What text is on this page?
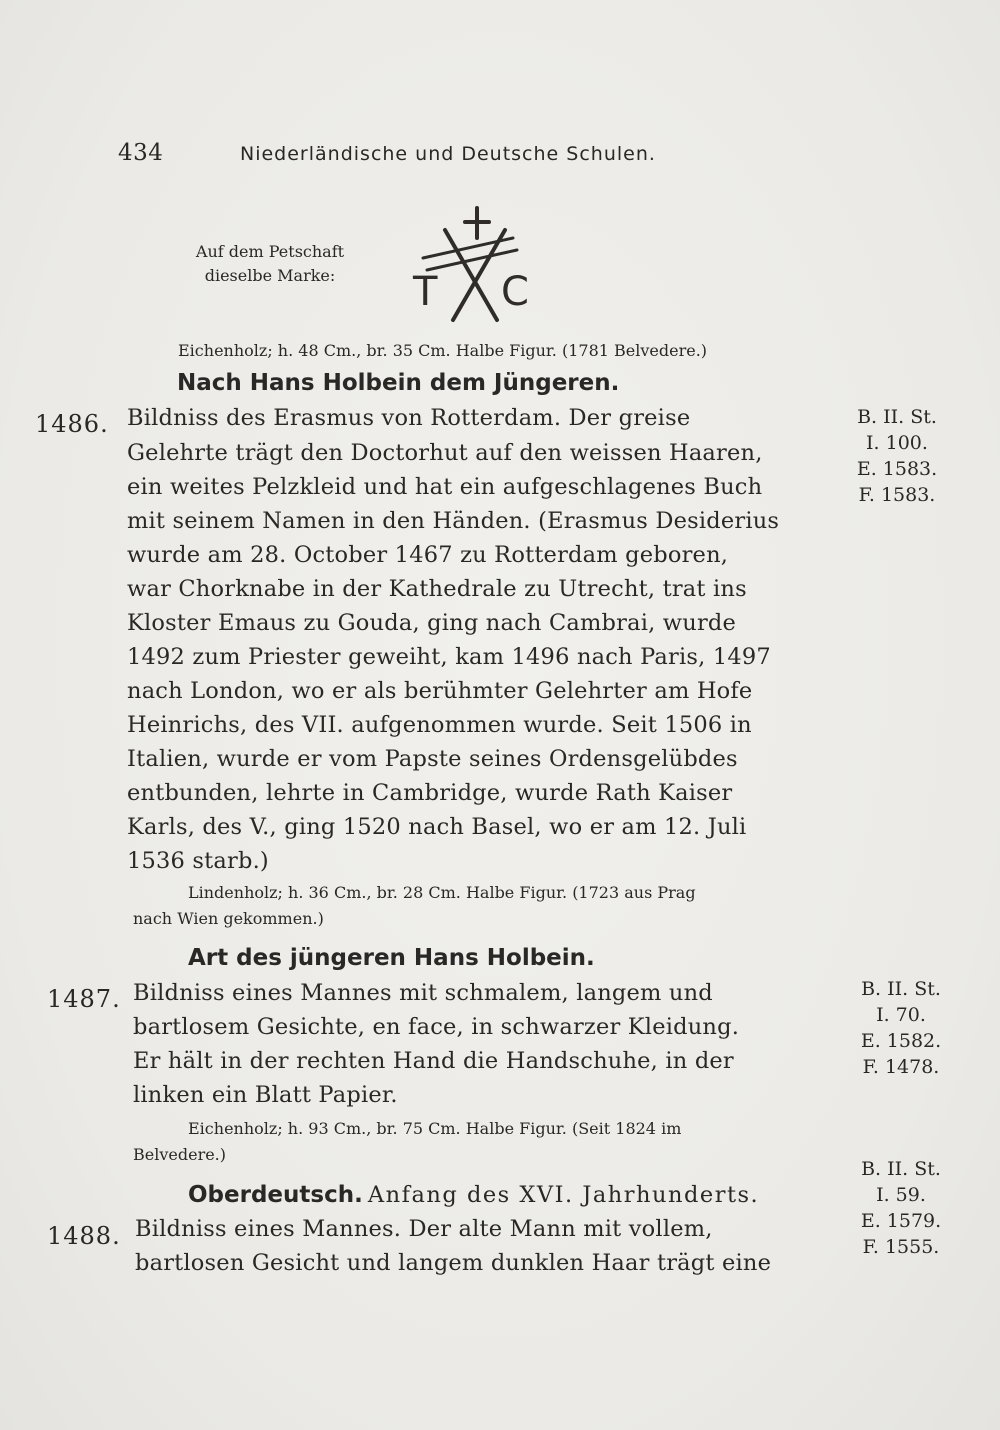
434	Niederländische und Deutsche Schulen.
Auf dem Petschaft
dieselbe Marke:	T C
Eichenholz; h. 48 Cm., br. 35 Cm. Halbe Figur. (1781 Belvedere.)
Nach Hans Holbein dem Jüngeren.
1486. Bildniss des Erasmus von Rotterdam. Der greise
Gelehrte trägt den Doctorhut auf den weissen Haaren,
ein weites Pelzkleid und hat ein aufgeschlagenes Buch
mit seinem Namen in den Händen. (Erasmus Desiderius
wurde am 28. October 1467 zu Rotterdam geboren,
war Chorknabe in der Kathedrale zu Utrecht, trat ins
Kloster Emaus zu Gouda, ging nach Cambrai, wurde
1492 zum Priester geweiht, kam 1496 nach Paris, 1497
nach London, wo er als berühmter Gelehrter am Hofe
Heinrichs, des VII. aufgenommen wurde. Seit 1506 in
Italien, wurde er vom Papste seines Ordensgelübdes
entbunden, lehrte in Cambridge, wurde Rath Kaiser
Karls, des V., ging 1520 nach Basel, wo er am 12. Juli
1536 starb.)
Lindenholz; h. 36 Cm., br. 28 Cm. Halbe Figur. (1723 aus Prag
nach Wien gekommen.)
B. II. St.
I. 100.
E. 1583.
F. 1583.
Art des jüngeren Hans Holbein.
1487. Bildniss eines Mannes mit schmalem, langem und
bartlosem Gesichte, en face, in schwarzer Kleidung.
Er hält in der rechten Hand die Handschuhe, in der
linken ein Blatt Papier.
Eichenholz; h. 93 Cm., br. 75 Cm. Halbe Figur. (Seit 1824 im
Belvedere.)
B. II. St.
I. 70.
E. 1582.
F. 1478.
Oberdeutsch. Anfang des XVI. Jahrhunderts.
1488. Bildniss eines Mannes. Der alte Mann mit vollem,
bartlosen Gesicht und langem dunklen Haar trägt eine
B. II. St.
I. 59.
E. 1579.
F. 1555.
